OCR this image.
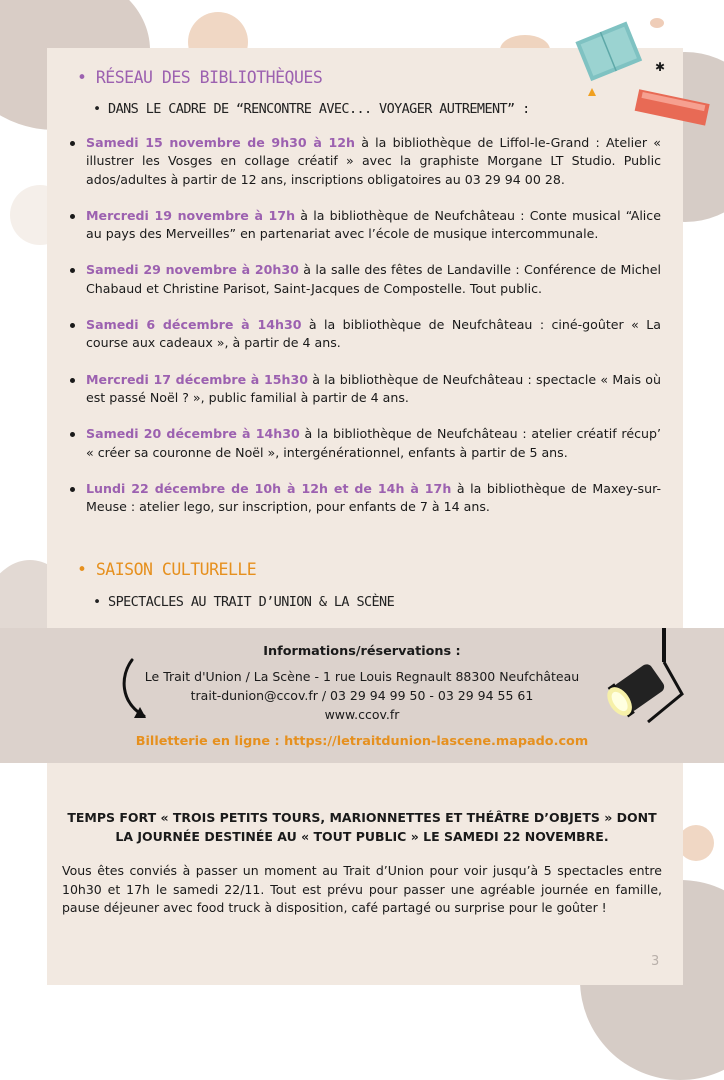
✱
• RÉSEAU DES BIBLIOTHÈQUES
• DANS LE CADRE DE “RENCONTRE AVEC... VOYAGER AUTREMENT” :
Samedi 15 novembre de 9h30 à 12h à la bibliothèque de Liffol-le-Grand : Atelier « illustrer les Vosges en collage créatif » avec la graphiste Morgane LT Studio. Public ados/adultes à partir de 12 ans, inscriptions obligatoires au 03 29 94 00 28.
Mercredi 19 novembre à 17h à la bibliothèque de Neufchâteau : Conte musical “Alice au pays des Merveilles” en partenariat avec l’école de musique intercommunale.
Samedi 29 novembre à 20h30 à la salle des fêtes de Landaville : Conférence de Michel Chabaud et Christine Parisot, Saint-Jacques de Compostelle. Tout public.
Samedi 6 décembre à 14h30 à la bibliothèque de Neufchâteau : ciné-goûter « La course aux cadeaux », à partir de 4 ans.
Mercredi 17 décembre à 15h30 à la bibliothèque de Neufchâteau : spectacle « Mais où est passé Noël ? », public familial à partir de 4 ans.
Samedi 20 décembre à 14h30 à la bibliothèque de Neufchâteau : atelier créatif récup’ « créer sa couronne de Noël », intergénérationnel, enfants à partir de 5 ans.
Lundi 22 décembre de 10h à 12h et de 14h à 17h à la bibliothèque de Maxey-sur-Meuse : atelier lego, sur inscription, pour enfants de 7 à 14 ans.
• SAISON CULTURELLE
• SPECTACLES AU TRAIT D’UNION & LA SCÈNE
Informations/réservations :
Le Trait d'Union / La Scène - 1 rue Louis Regnault 88300 Neufchâteau
trait-dunion@ccov.fr / 03 29 94 99 50 - 03 29 94 55 61
www.ccov.fr
Billetterie en ligne : https://letraitdunion-lascene.mapado.com
TEMPS FORT « TROIS PETITS TOURS, MARIONNETTES ET THÉÂTRE D’OBJETS » DONT LA JOURNÉE DESTINÉE AU « TOUT PUBLIC » LE SAMEDI 22 NOVEMBRE.
Vous êtes conviés à passer un moment au Trait d’Union pour voir jusqu’à 5 spectacles entre 10h30 et 17h le samedi 22/11. Tout est prévu pour passer une agréable journée en famille, pause déjeuner avec food truck à disposition, café partagé ou surprise pour le goûter !
3
